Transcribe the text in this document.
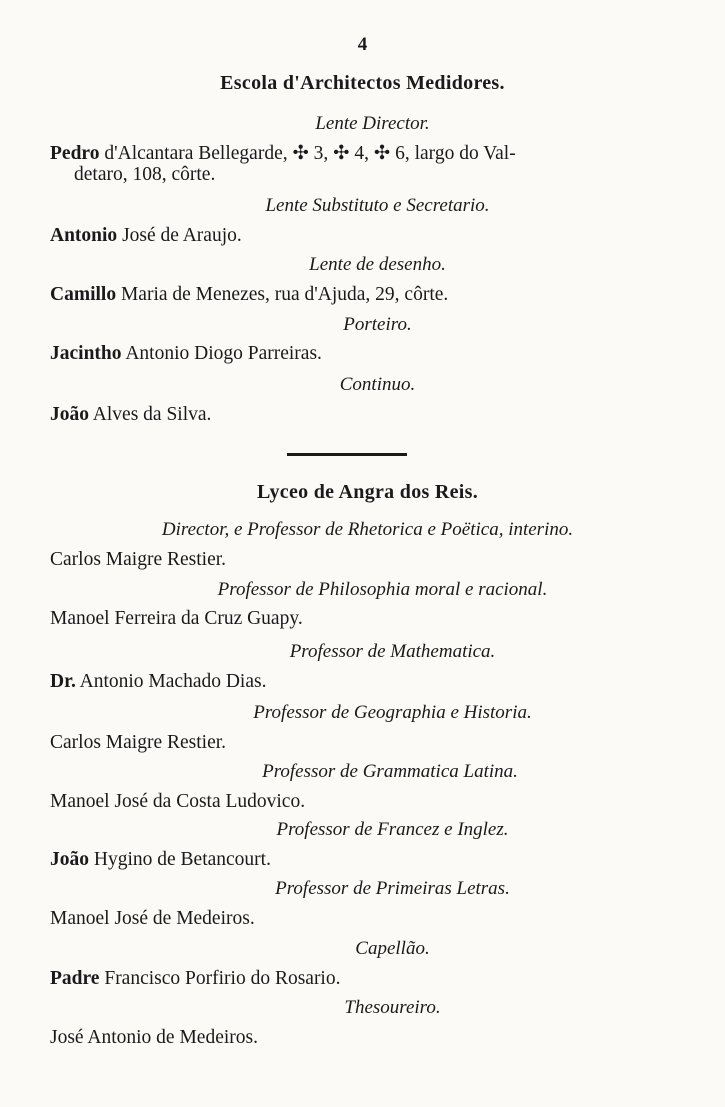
4
Escola d'Architectos Medidores.
Lente Director.
Pedro d'Alcantara Bellegarde, ✣ 3, ✣ 4, ✣ 6, largo do Val-
detaro, 108, côrte.
Lente Substituto e Secretario.
Antonio José de Araujo.
Lente de desenho.
Camillo Maria de Menezes, rua d'Ajuda, 29, côrte.
Porteiro.
Jacintho Antonio Diogo Parreiras.
Continuo.
João Alves da Silva.
Lyceo de Angra dos Reis.
Director, e Professor de Rhetorica e Poëtica, interino.
Carlos Maigre Restier.
Professor de Philosophia moral e racional.
Manoel Ferreira da Cruz Guapy.
Professor de Mathematica.
Dr. Antonio Machado Dias.
Professor de Geographia e Historia.
Carlos Maigre Restier.
Professor de Grammatica Latina.
Manoel José da Costa Ludovico.
Professor de Francez e Inglez.
João Hygino de Betancourt.
Professor de Primeiras Letras.
Manoel José de Medeiros.
Capellão.
Padre Francisco Porfirio do Rosario.
Thesoureiro.
José Antonio de Medeiros.
